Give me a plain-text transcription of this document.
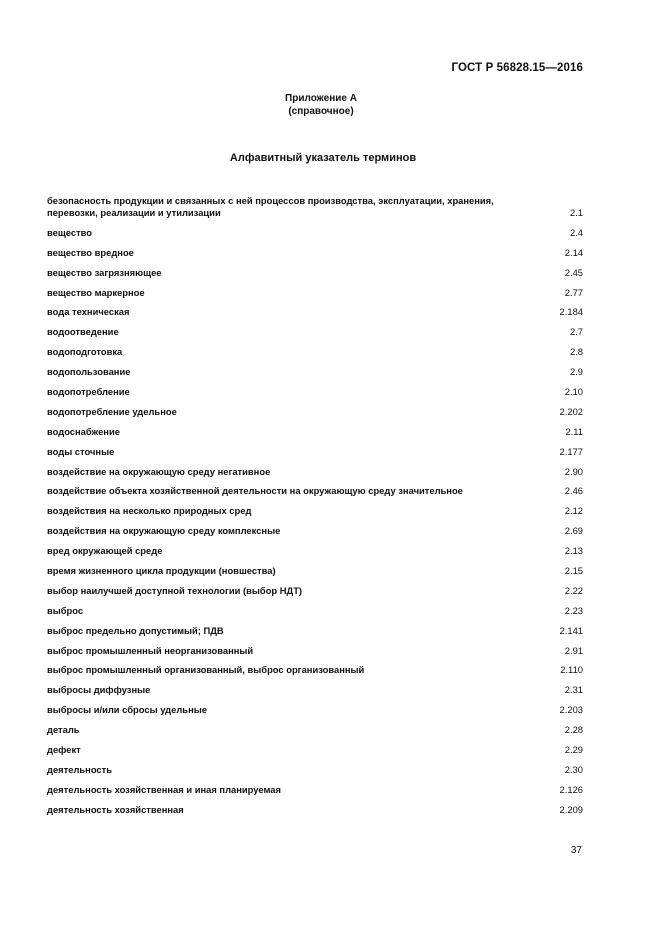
ГОСТ Р 56828.15—2016
Приложение А
(справочное)
Алфавитный указатель терминов
безопасность продукции и связанных с ней процессов производства, эксплуатации, хранения, перевозки, реализации и утилизации	2.1
вещество	2.4
вещество вредное	2.14
вещество загрязняющее	2.45
вещество маркерное	2.77
вода техническая	2.184
водоотведение	2.7
водоподготовка	2.8
водопользование	2.9
водопотребление	2.10
водопотребление удельное	2.202
водоснабжение	2.11
воды сточные	2.177
воздействие на окружающую среду негативное	2.90
воздействие объекта хозяйственной деятельности на окружающую среду значительное	2.46
воздействия на несколько природных сред	2.12
воздействия на окружающую среду комплексные	2.69
вред окружающей среде	2.13
время жизненного цикла продукции (новшества)	2.15
выбор наилучшей доступной технологии (выбор НДТ)	2.22
выброс	2.23
выброс предельно допустимый; ПДВ	2.141
выброс промышленный неорганизованный	2.91
выброс промышленный организованный, выброс организованный	2.110
выбросы диффузные	2.31
выбросы и/или сбросы удельные	2.203
деталь	2.28
дефект	2.29
деятельность	2.30
деятельность хозяйственная и иная планируемая	2.126
деятельность хозяйственная	2.209
37
